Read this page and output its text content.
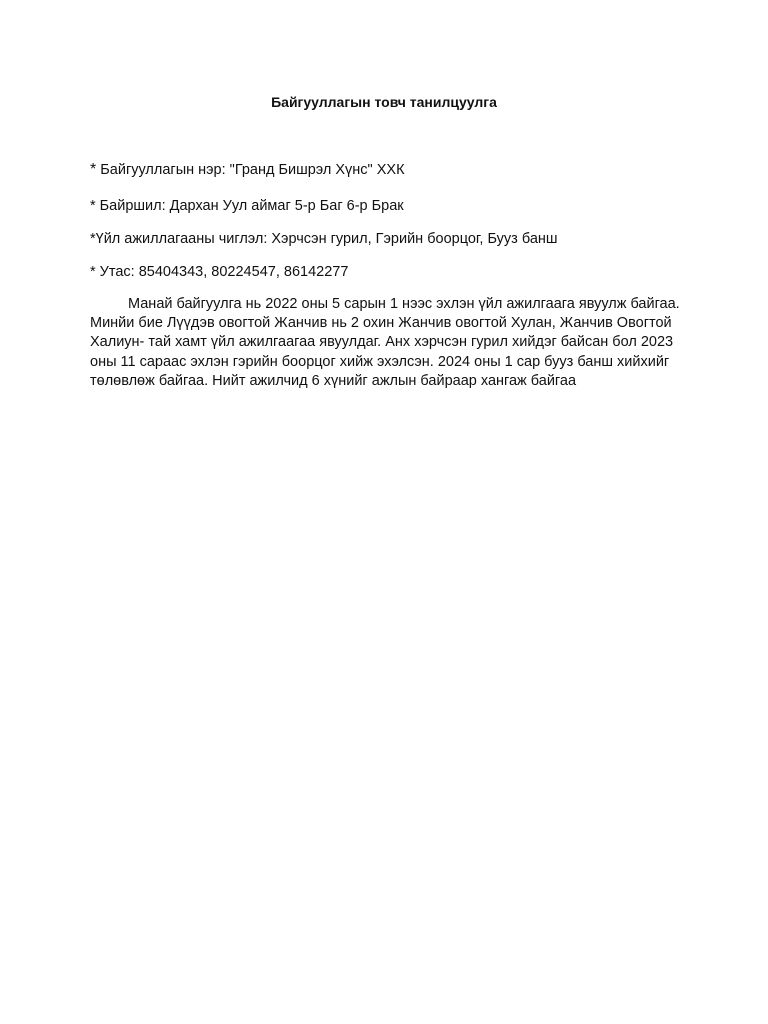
Байгууллагын товч танилцуулга

* Байгууллагын нэр: "Гранд Бишрэл Хүнс" ХХК

* Байршил: Дархан Уул аймаг 5-р Баг 6-р Брак

*Үйл ажиллагааны чиглэл: Хэрчсэн гурил, Гэрийн боорцог, Бууз банш

* Утас: 85404343, 80224547, 86142277

Манай байгуулга нь 2022 оны 5 сарын 1 нээс эхлэн үйл ажилгаага явуулж байгаа. Минйи бие Лүүдэв овогтой Жанчив нь 2 охин Жанчив овогтой Хулан, Жанчив Овогтой Халиун- тай хамт үйл ажилгаагаа явуулдаг. Анх хэрчсэн гурил хийдэг байсан бол 2023 оны 11 сараас эхлэн гэрийн боорцог хийж эхэлсэн. 2024 оны 1 сар бууз банш хийхийг төлөвлөж байгаа. Нийт ажилчид 6 хүнийг ажлын байраар хангаж байгаа
